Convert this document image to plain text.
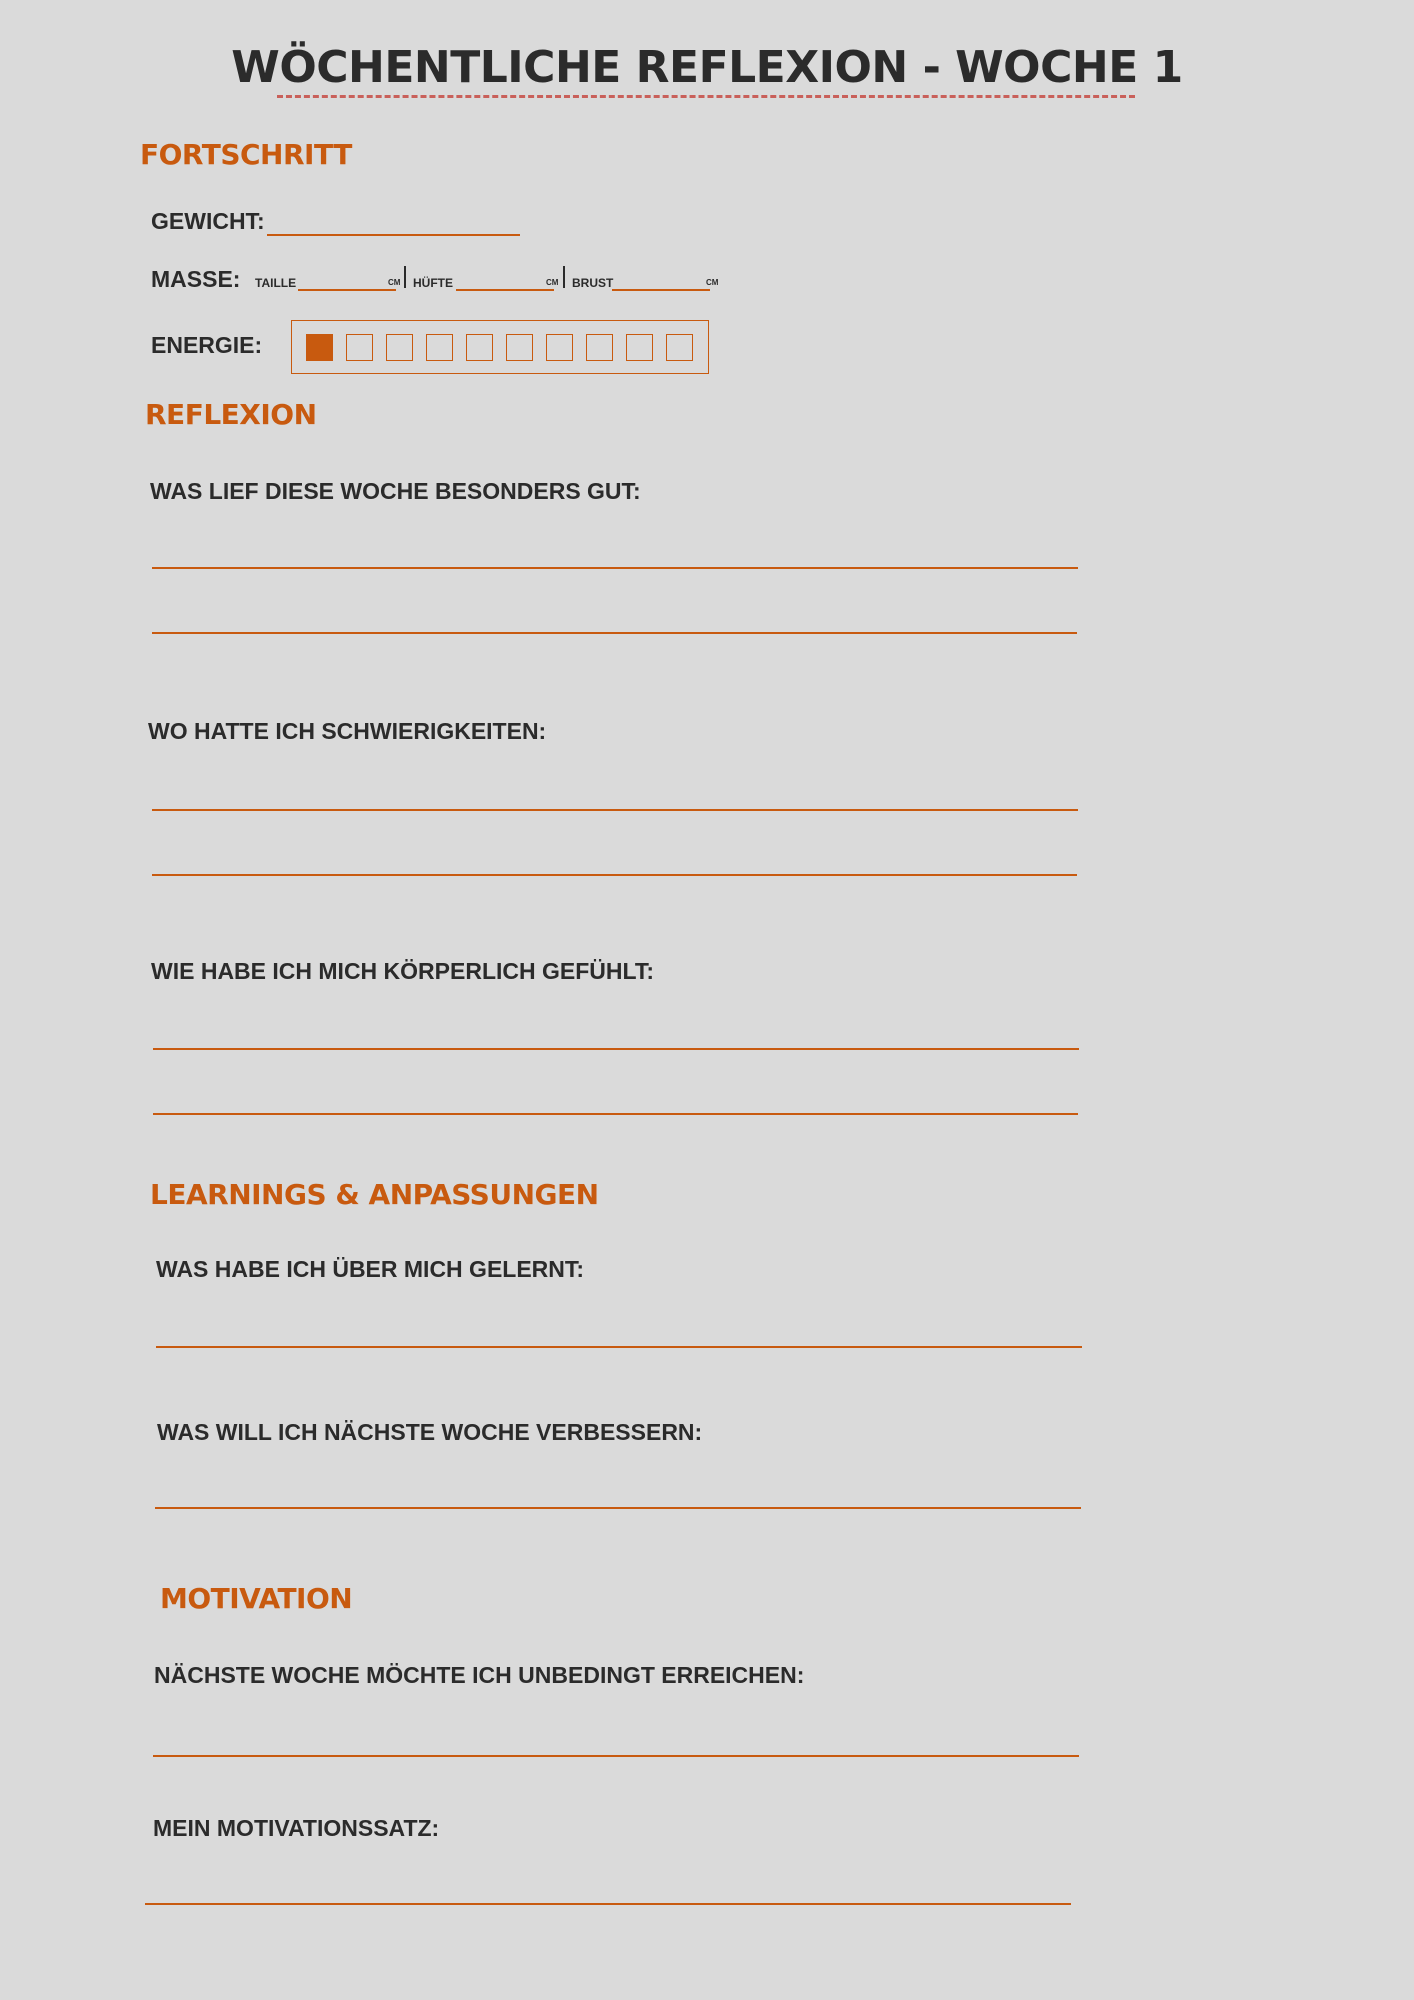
WÖCHENTLICHE REFLEXION - WOCHE 1
FORTSCHRITT
GEWICHT:
MASSE: TAILLE	CM HÜFTE	CM BRUST	CM
ENERGIE:
REFLEXION
WAS LIEF DIESE WOCHE BESONDERS GUT:
WO HATTE ICH SCHWIERIGKEITEN:
WIE HABE ICH MICH KÖRPERLICH GEFÜHLT:
LEARNINGS & ANPASSUNGEN
WAS HABE ICH ÜBER MICH GELERNT:
WAS WILL ICH NÄCHSTE WOCHE VERBESSERN:
MOTIVATION
NÄCHSTE WOCHE MÖCHTE ICH UNBEDINGT ERREICHEN:
MEIN MOTIVATIONSSATZ:
